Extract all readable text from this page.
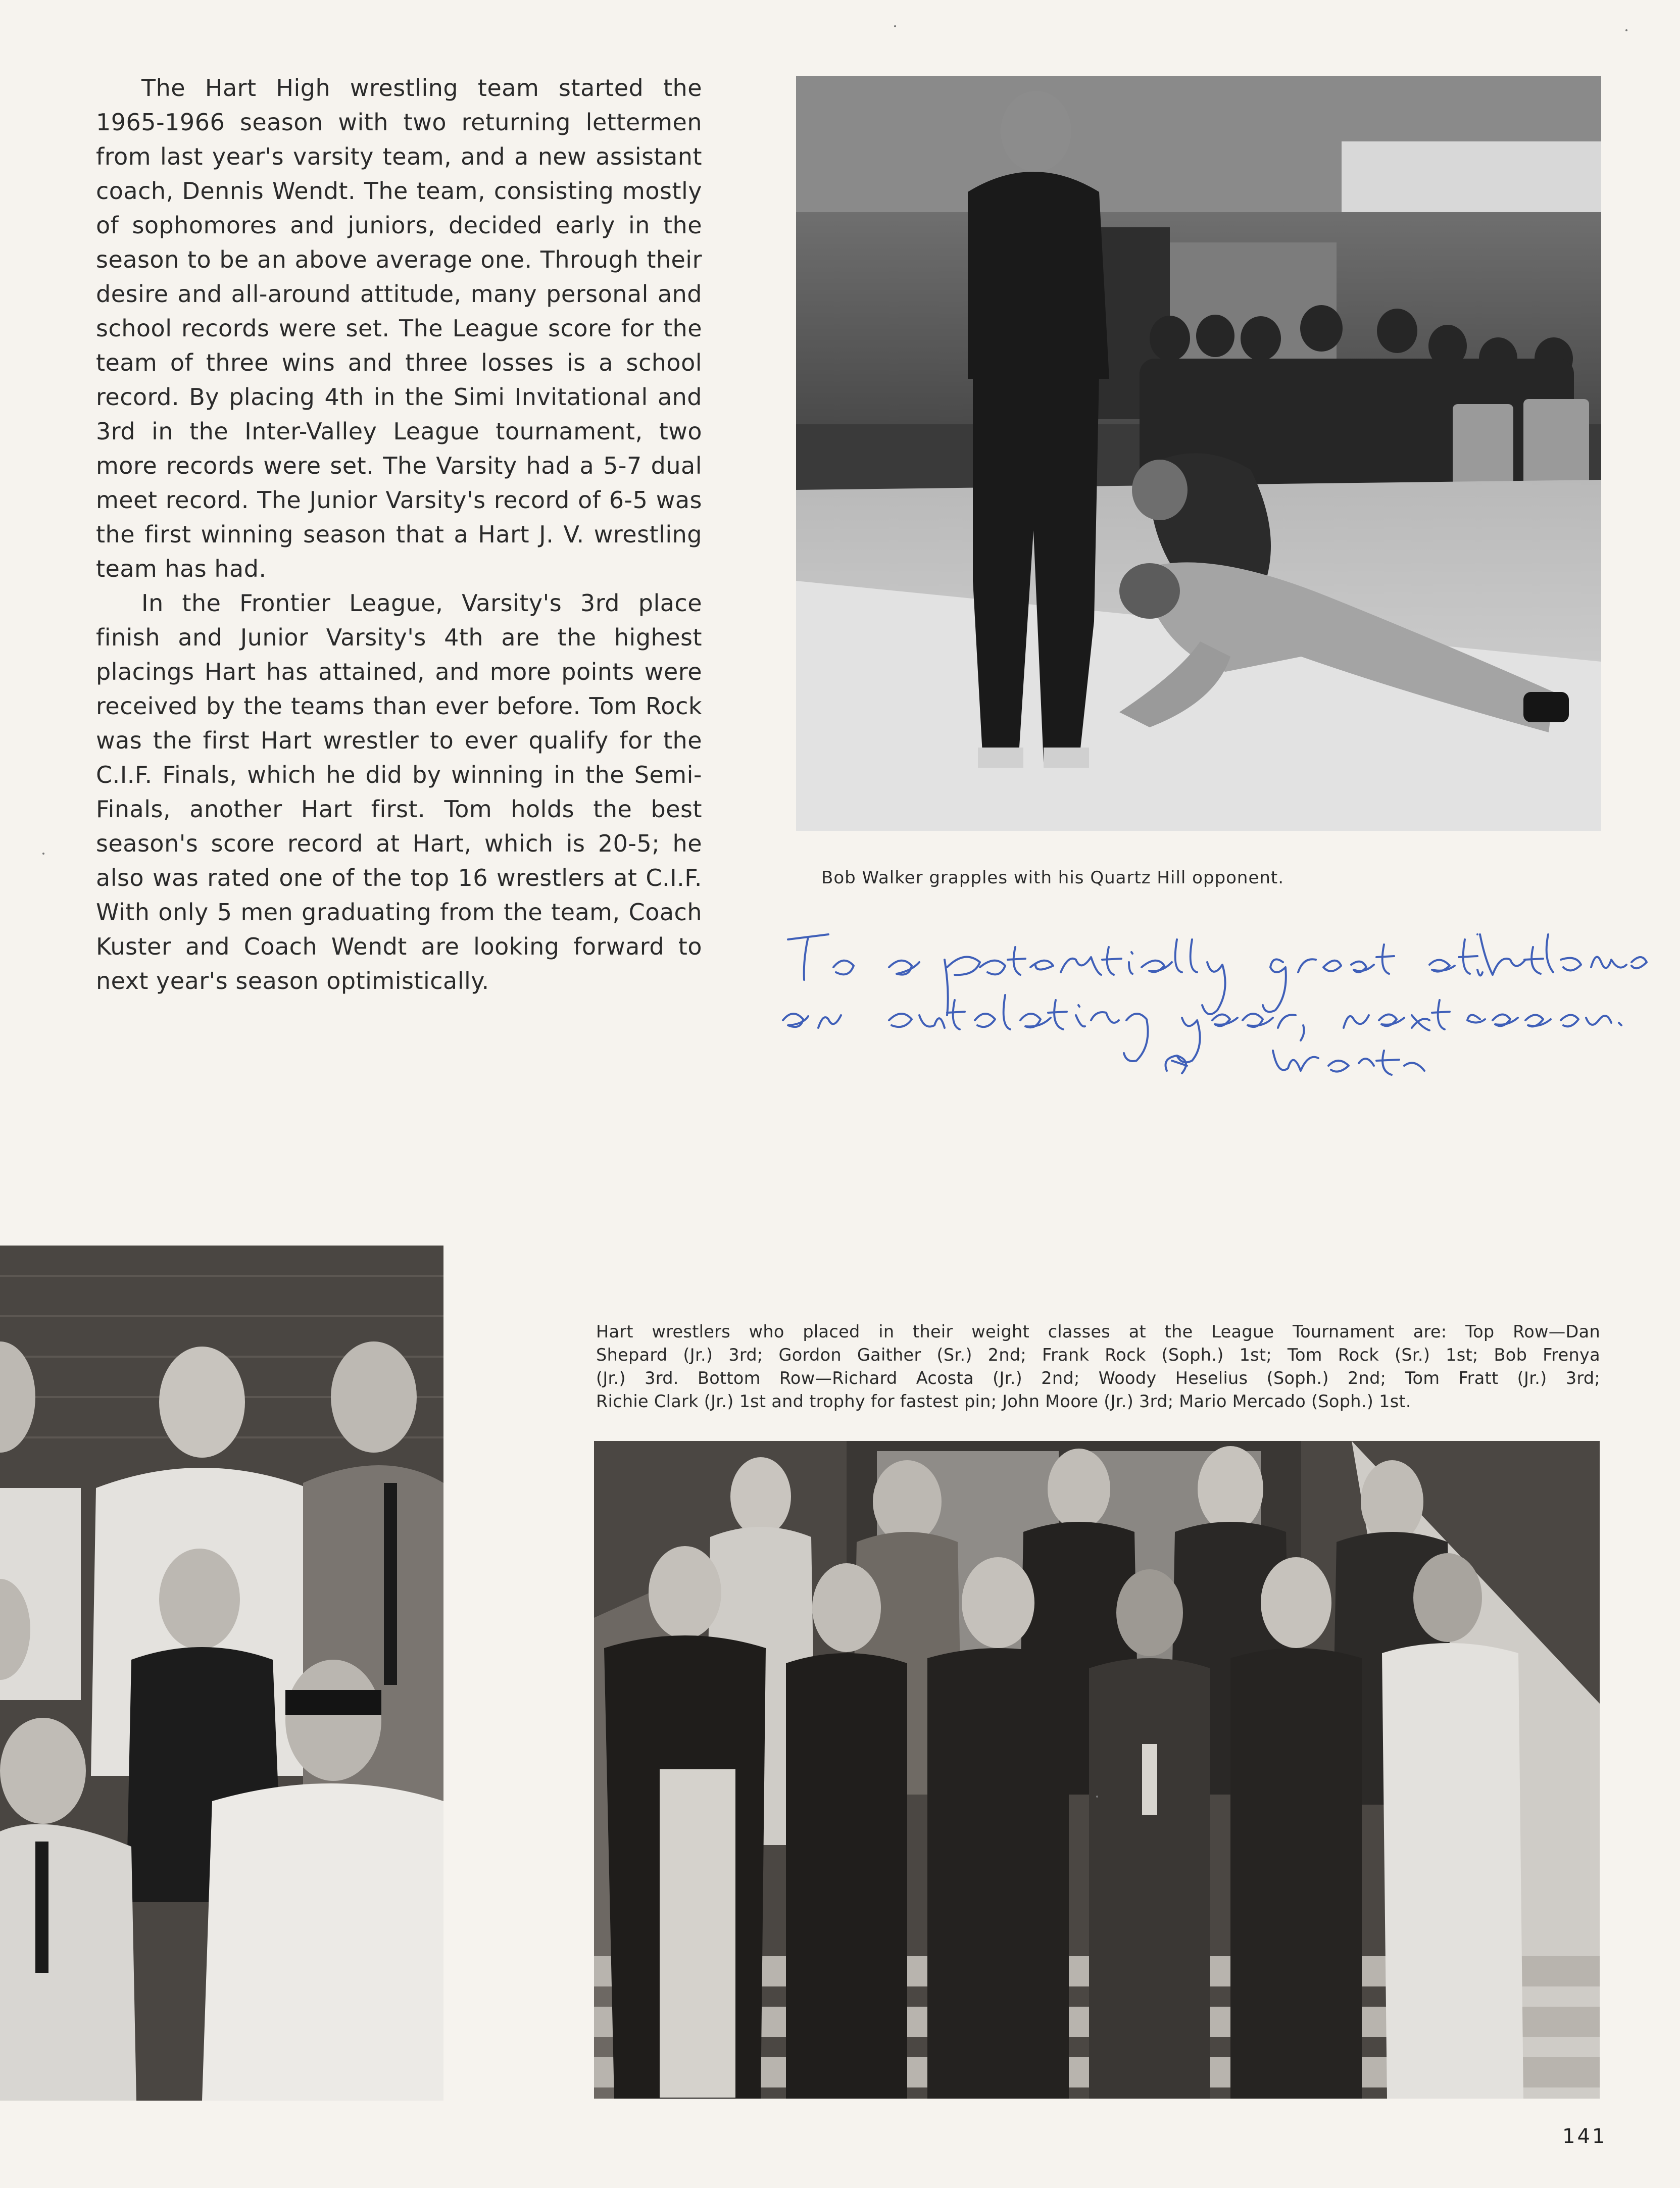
The Hart High wrestling team started the 1965-1966 season with two returning lettermen from last year's varsity team, and a new assistant coach, Dennis Wendt. The team, consisting mostly of sophomores and juniors, decided early in the season to be an above average one. Through their desire and all-around attitude, many personal and school records were set. The League score for the team of three wins and three losses is a school record. By placing 4th in the Simi Invitational and 3rd in the Inter-Valley League tournament, two more records were set. The Varsity had a 5-7 dual meet record. The Junior Varsity's record of 6-5 was the first winning season that a Hart J. V. wrestling team has had.

In the Frontier League, Varsity's 3rd place finish and Junior Varsity's 4th are the highest placings Hart has attained, and more points were received by the teams than ever before. Tom Rock was the first Hart wrestler to ever qualify for the C.I.F. Finals, which he did by winning in the Semi-Finals, another Hart first. Tom holds the best season's score record at Hart, which is 20-5; he also was rated one of the top 16 wrestlers at C.I.F. With only 5 men graduating from the team, Coach Kuster and Coach Wendt are looking forward to next year's season optimistically.

Bob Walker grapples with his Quartz Hill opponent.
Hart wrestlers who placed in their weight classes at the League Tournament are: Top Row—Dan
Shepard (Jr.) 3rd; Gordon Gaither (Sr.) 2nd; Frank Rock (Soph.) 1st; Tom Rock (Sr.) 1st; Bob Frenya
(Jr.) 3rd. Bottom Row—Richard Acosta (Jr.) 2nd; Woody Heselius (Soph.) 2nd; Tom Fratt (Jr.) 3rd;
Richie Clark (Jr.) 1st and trophy for fastest pin; John Moore (Jr.) 3rd; Mario Mercado (Soph.) 1st.
141
